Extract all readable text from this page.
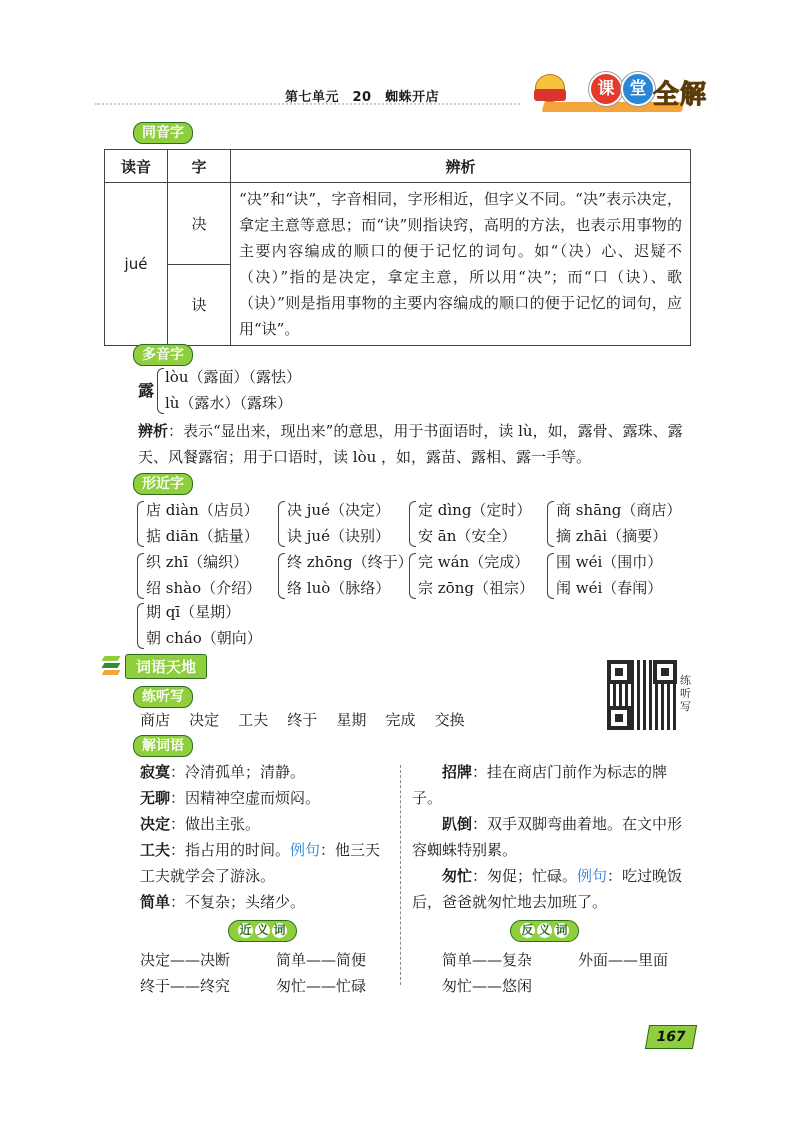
第七单元　20　蜘蛛开店	课 堂 全解
同音字
读音	字	辨析
jué	决	“决”和“诀”，字音相同，字形相近，但字义不同。“决”表示决定，拿定主意等意思；而“诀”则指诀窍，高明的方法，也表示用事物的主要内容编成的顺口的便于记忆的词句。如“（决）心、迟疑不（决）”指的是决定，拿定主意，所以用“决”；而“口（诀）、歌（诀）”则是指用事物的主要内容编成的顺口的便于记忆的词句，应用“诀”。
	诀	
多音字
露
lòu（露面）（露怯）
lù（露水）（露珠）
辨析：表示“显出来，现出来”的意思，用于书面语时，读 lù，如，露骨、露珠、露天、风餐露宿；用于口语时，读 lòu ，如，露苗、露相、露一手等。
形近字
店 diàn（店员）
掂 diān（掂量）
决 jué（决定）
诀 jué（诀别）
定 dìng（定时）
安 ān（安全）
商 shāng（商店）
摘 zhāi（摘要）
织 zhī（编织）
绍 shào（介绍）
终 zhōng（终于）
络 luò（脉络）
完 wán（完成）
宗 zōng（祖宗）
围 wéi（围巾）
闱 wéi（春闱）
期 qī（星期）
朝 cháo（朝向）
词语天地
练听写
练听写
商店 决定 工夫 终于 星期 完成 交换
解词语
寂寞：冷清孤单；清静。
无聊：因精神空虚而烦闷。
决定：做出主张。
工夫：指占用的时间。例句：他三天工夫就学会了游泳。
简单：不复杂；头绪少。
招牌：挂在商店门前作为标志的牌子。
趴倒：双手双脚弯曲着地。在文中形容蜘蛛特别累。
匆忙：匆促；忙碌。例句：吃过晚饭后，爸爸就匆忙地去加班了。
近 义 词
决定——决断	简单——简便
终于——终究	匆忙——忙碌
反 义 词
简单——复杂	外面——里面
匆忙——悠闲
167
